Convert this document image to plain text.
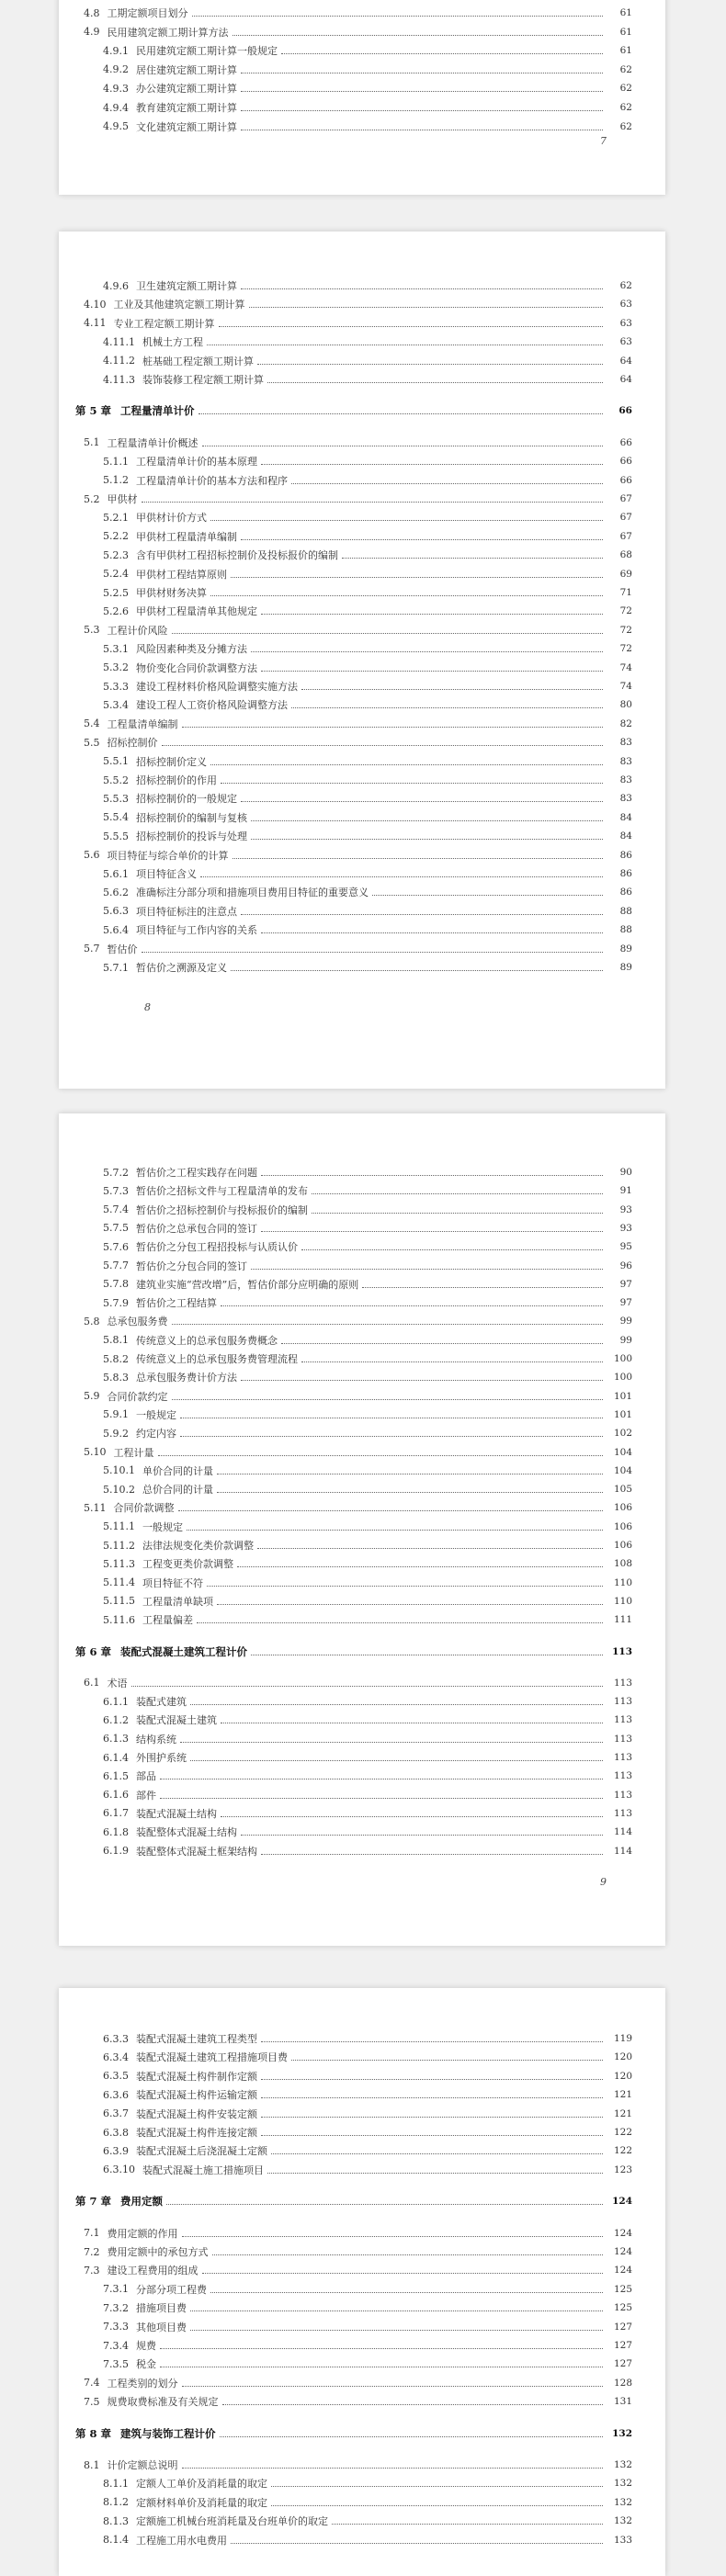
4.8 工期定额项目划分	61
4.9 民用建筑定额工期计算方法	61
4.9.1 民用建筑定额工期计算一般规定	61
4.9.2 居住建筑定额工期计算	62
4.9.3 办公建筑定额工期计算	62
4.9.4 教育建筑定额工期计算	62
4.9.5 文化建筑定额工期计算	62
7
4.9.6 卫生建筑定额工期计算	62
4.10 工业及其他建筑定额工期计算	63
4.11 专业工程定额工期计算	63
4.11.1 机械土方工程	63
4.11.2 桩基础工程定额工期计算	64
4.11.3 装饰装修工程定额工期计算	64
第 5 章 工程量清单计价	66
5.1 工程量清单计价概述	66
5.1.1 工程量清单计价的基本原理	66
5.1.2 工程量清单计价的基本方法和程序	66
5.2 甲供材	67
5.2.1 甲供材计价方式	67
5.2.2 甲供材工程量清单编制	67
5.2.3 含有甲供材工程招标控制价及投标报价的编制	68
5.2.4 甲供材工程结算原则	69
5.2.5 甲供材财务决算	71
5.2.6 甲供材工程量清单其他规定	72
5.3 工程计价风险	72
5.3.1 风险因素种类及分摊方法	72
5.3.2 物价变化合同价款调整方法	74
5.3.3 建设工程材料价格风险调整实施方法	74
5.3.4 建设工程人工资价格风险调整方法	80
5.4 工程量清单编制	82
5.5 招标控制价	83
5.5.1 招标控制价定义	83
5.5.2 招标控制价的作用	83
5.5.3 招标控制价的一般规定	83
5.5.4 招标控制价的编制与复核	84
5.5.5 招标控制价的投诉与处理	84
5.6 项目特征与综合单价的计算	86
5.6.1 项目特征含义	86
5.6.2 准确标注分部分项和措施项目费用目特征的重要意义	86
5.6.3 项目特征标注的注意点	88
5.6.4 项目特征与工作内容的关系	88
5.7 暂估价	89
5.7.1 暂估价之溯源及定义	89
8
5.7.2 暂估价之工程实践存在问题	90
5.7.3 暂估价之招标文件与工程量清单的发布	91
5.7.4 暂估价之招标控制价与投标报价的编制	93
5.7.5 暂估价之总承包合同的签订	93
5.7.6 暂估价之分包工程招投标与认质认价	95
5.7.7 暂估价之分包合同的签订	96
5.7.8 建筑业实施“营改增”后，暂估价部分应明确的原则	97
5.7.9 暂估价之工程结算	97
5.8 总承包服务费	99
5.8.1 传统意义上的总承包服务费概念	99
5.8.2 传统意义上的总承包服务费管理流程	100
5.8.3 总承包服务费计价方法	100
5.9 合同价款约定	101
5.9.1 一般规定	101
5.9.2 约定内容	102
5.10 工程计量	104
5.10.1 单价合同的计量	104
5.10.2 总价合同的计量	105
5.11 合同价款调整	106
5.11.1 一般规定	106
5.11.2 法律法规变化类价款调整	106
5.11.3 工程变更类价款调整	108
5.11.4 项目特征不符	110
5.11.5 工程量清单缺项	110
5.11.6 工程量偏差	111
第 6 章 装配式混凝土建筑工程计价	113
6.1 术语	113
6.1.1 装配式建筑	113
6.1.2 装配式混凝土建筑	113
6.1.3 结构系统	113
6.1.4 外围护系统	113
6.1.5 部品	113
6.1.6 部件	113
6.1.7 装配式混凝土结构	113
6.1.8 装配整体式混凝土结构	114
6.1.9 装配整体式混凝土框架结构	114
9
6.3.3 装配式混凝土建筑工程类型	119
6.3.4 装配式混凝土建筑工程措施项目费	120
6.3.5 装配式混凝土构件制作定额	120
6.3.6 装配式混凝土构件运输定额	121
6.3.7 装配式混凝土构件安装定额	121
6.3.8 装配式混凝土构件连接定额	122
6.3.9 装配式混凝土后浇混凝土定额	122
6.3.10 装配式混凝土施工措施项目	123
第 7 章 费用定额	124
7.1 费用定额的作用	124
7.2 费用定额中的承包方式	124
7.3 建设工程费用的组成	124
7.3.1 分部分项工程费	125
7.3.2 措施项目费	125
7.3.3 其他项目费	127
7.3.4 规费	127
7.3.5 税金	127
7.4 工程类别的划分	128
7.5 规费取费标准及有关规定	131
第 8 章 建筑与装饰工程计价	132
8.1 计价定额总说明	132
8.1.1 定额人工单价及消耗量的取定	132
8.1.2 定额材料单价及消耗量的取定	132
8.1.3 定额施工机械台班消耗量及台班单价的取定	132
8.1.4 工程施工用水电费用	133
